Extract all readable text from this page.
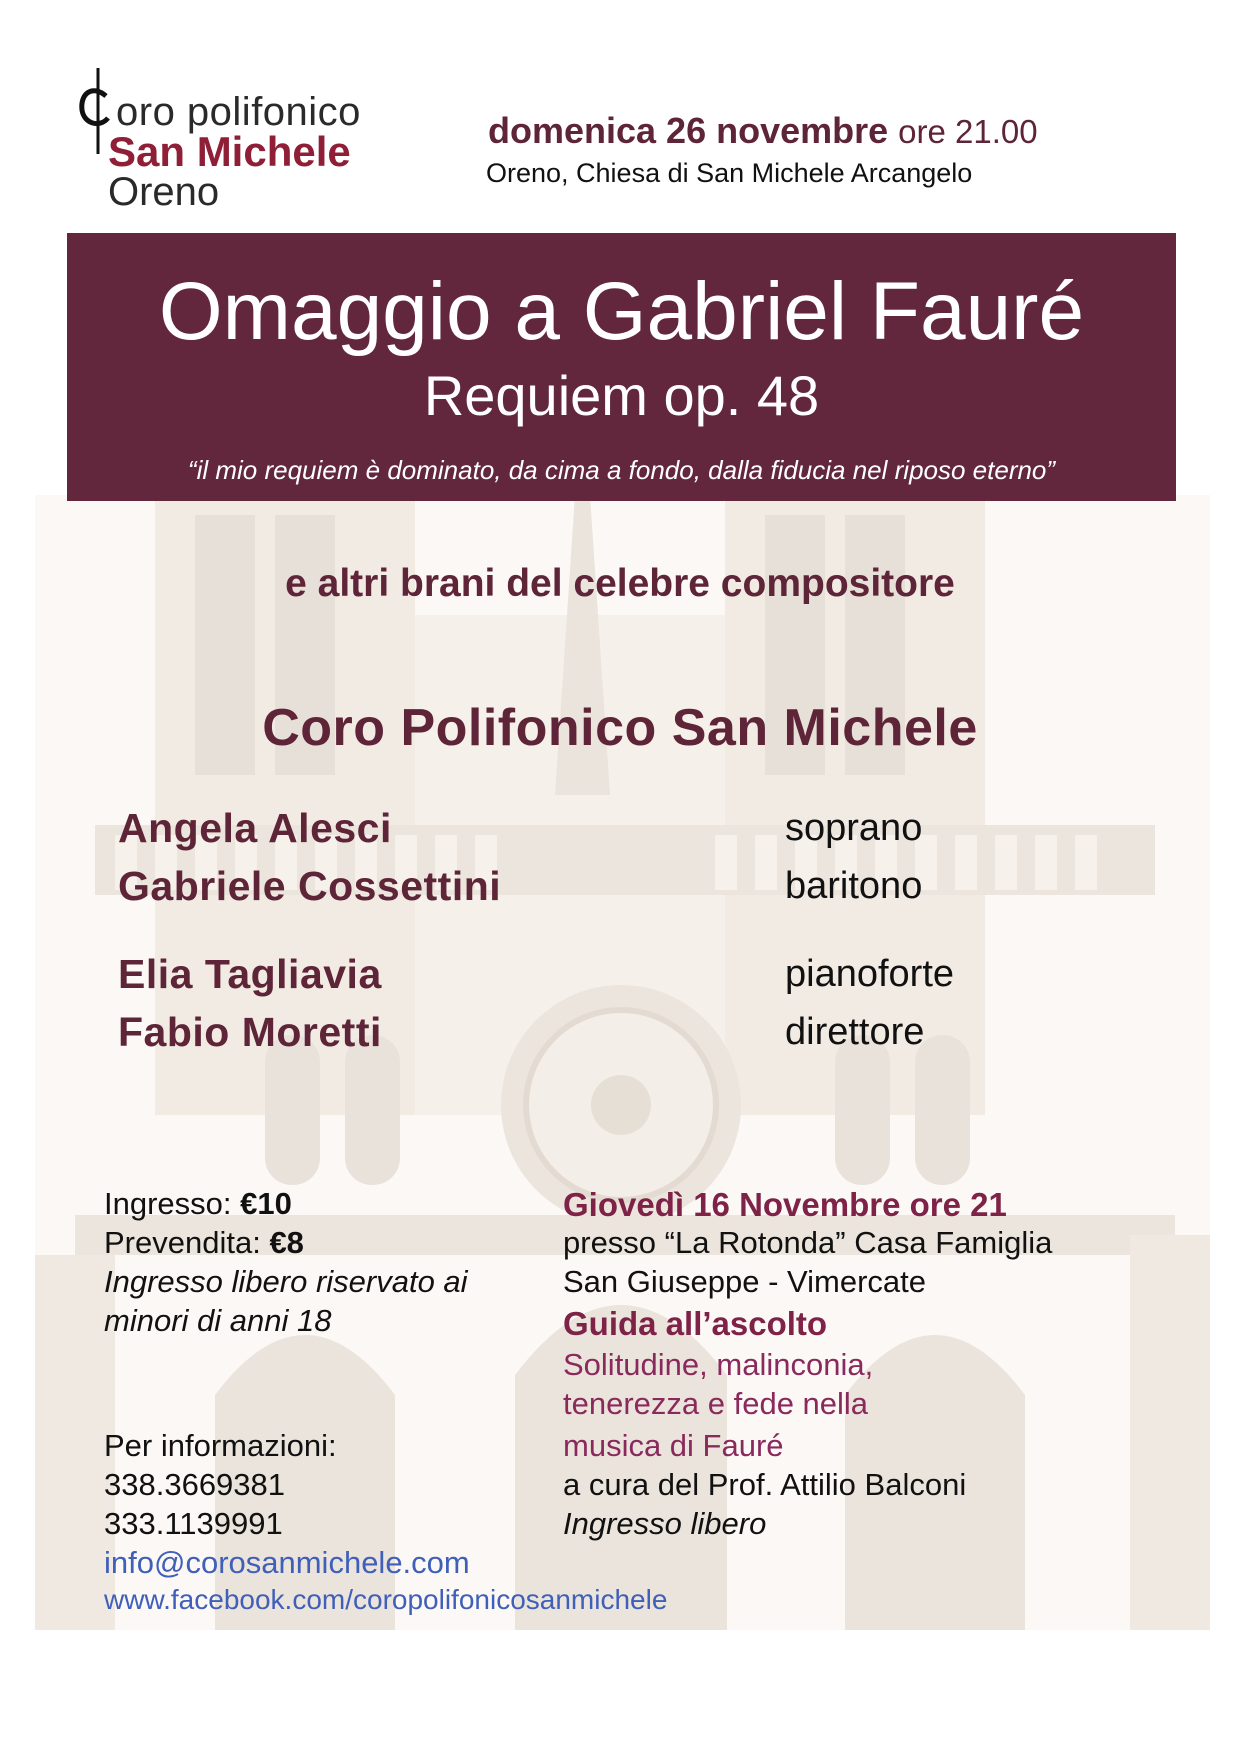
oro polifonico
San Michele
Oreno
domenica 26 novembre ore 21.00
Oreno, Chiesa di San Michele Arcangelo
Omaggio a Gabriel Fauré
Requiem op. 48
“il mio requiem è dominato, da cima a fondo, dalla fiducia nel riposo eterno”
e altri brani del celebre compositore
Coro Polifonico San Michele
Angela Alesci	soprano
Gabriele Cossettini	baritono
Elia Tagliavia	pianoforte
Fabio Moretti	direttore
Ingresso: €10
Prevendita: €8
Ingresso libero riservato ai
minori di anni 18
Per informazioni:
338.3669381
333.1139991
info@corosanmichele.com
www.facebook.com/coropolifonicosanmichele
Giovedì 16 Novembre ore 21
presso “La Rotonda” Casa Famiglia
San Giuseppe - Vimercate
Guida all’ascolto
Solitudine, malinconia,
tenerezza e fede nella
musica di Fauré
a cura del Prof. Attilio Balconi
Ingresso libero
